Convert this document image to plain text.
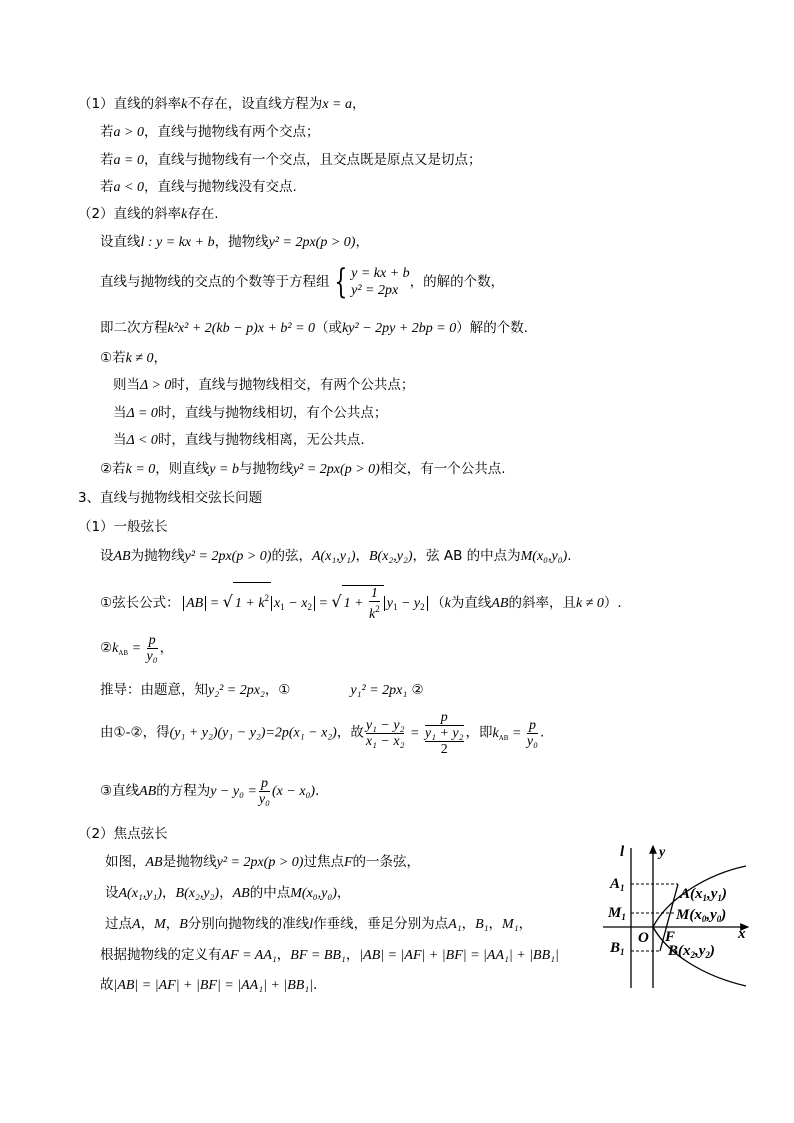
（1）直线的斜率k不存在，设直线方程为x = a，
若a > 0，直线与抛物线有两个交点；
若a = 0，直线与抛物线有一个交点，且交点既是原点又是切点；
若a < 0，直线与抛物线没有交点.
（2）直线的斜率k存在.
设直线l : y = kx + b，抛物线y² = 2px(p > 0)，
直线与抛物线的交点的个数等于方程组 { y = kx + b
y² = 2px
，的解的个数，
即二次方程k²x² + 2(kb − p)x + b² = 0（或ky² − 2py + 2bp = 0）解的个数.
①若k ≠ 0，
则当Δ > 0时，直线与抛物线相交，有两个公共点；
当Δ = 0时，直线与抛物线相切，有个公共点；
当Δ < 0时，直线与抛物线相离，无公共点.
②若k = 0，则直线y = b与抛物线y² = 2px(p > 0)相交，有一个公共点.
3、直线与抛物线相交弦长问题
（1）一般弦长
设AB为抛物线y² = 2px(p > 0)的弦，A(x₁,y₁)，B(x₂,y₂)，弦 AB 的中点为M(x₀,y₀).
①弦长公式： AB = √ $1 + k^2$ $x_1 - x_2$ = √ $1 + \frac{1}{k^2} y_1 - y_2$ （k为直线AB的斜率，且k ≠ 0）.
$②k_{AB} = \frac{p}{\text{y₀}}$ ，
推导：由题意，知y₂² = 2px₂，①	y₁² = 2px₁ ②
由①-②，得(y₁ + y₂)(y₁ − y₂)=2p(x₁ − x₂)，故 $\frac{\text{y₁ − y₂}}{\text{x₁ − x₂}} = \frac{p}{\frac{\text{y₁ + y₂}}{2}}$ ，即$k_{AB} = \frac{p}{\text{y₀}}$ .
③直线AB的方程为$y - y_0 = \frac{p}{\text{y₀}} (x - x_0)$.
（2）焦点弦长
如图，AB是抛物线y² = 2px(p > 0)过焦点F的一条弦，
设A(x₁,y₁)，B(x₂,y₂)，AB的中点M(x₀,y₀)，
过点A，M，B分别向抛物线的准线l作垂线，垂足分别为点A₁，B₁，M₁，
根据抛物线的定义有AF = AA₁，BF = BB₁，|AB| = |AF| + |BF| = |AA₁| + |BB₁|
故|AB| = |AF| + |BF| = |AA₁| + |BB₁|.
l y
x
$A_1$
$M_1$
$B_1$
O F
$A(x_1,y_1)$
$M(x_0,y_0)$
$B(x_2,y_2)$
